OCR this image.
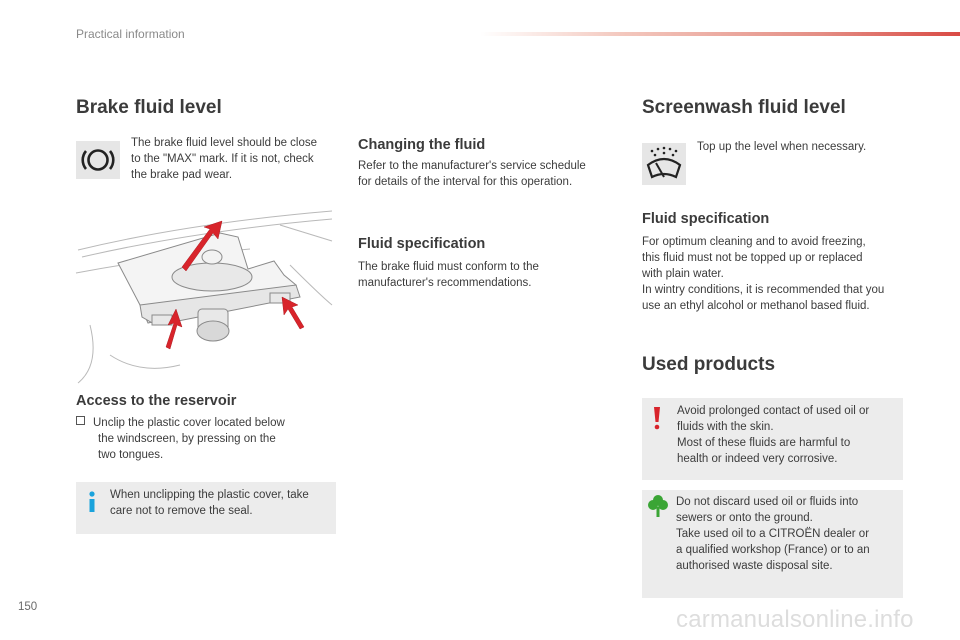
Practical information
Brake fluid level

The brake fluid level should be close

to the "MAX" mark. If it is not, check

the brake pad wear.

Access to the reservoir

Unclip the plastic cover located below

the windscreen, by pressing on the

two tongues.

When unclipping the plastic cover, take

care not to remove the seal.

Changing the fluid

Refer to the manufacturer's service schedule

for details of the interval for this operation.

Fluid specification

The brake fluid must conform to the

manufacturer's recommendations.

Screenwash fluid level

Top up the level when necessary.

Fluid specification

For optimum cleaning and to avoid freezing,

this fluid must not be topped up or replaced

with plain water.

In wintry conditions, it is recommended that you

use an ethyl alcohol or methanol based fluid.

Used products

Avoid prolonged contact of used oil or

fluids with the skin.

Most of these fluids are harmful to

health or indeed very corrosive.

Do not discard used oil or fluids into

sewers or onto the ground.

Take used oil to a CITROËN dealer or

a qualified workshop (France) or to an

authorised waste disposal site.

150	carmanualsonline.info
